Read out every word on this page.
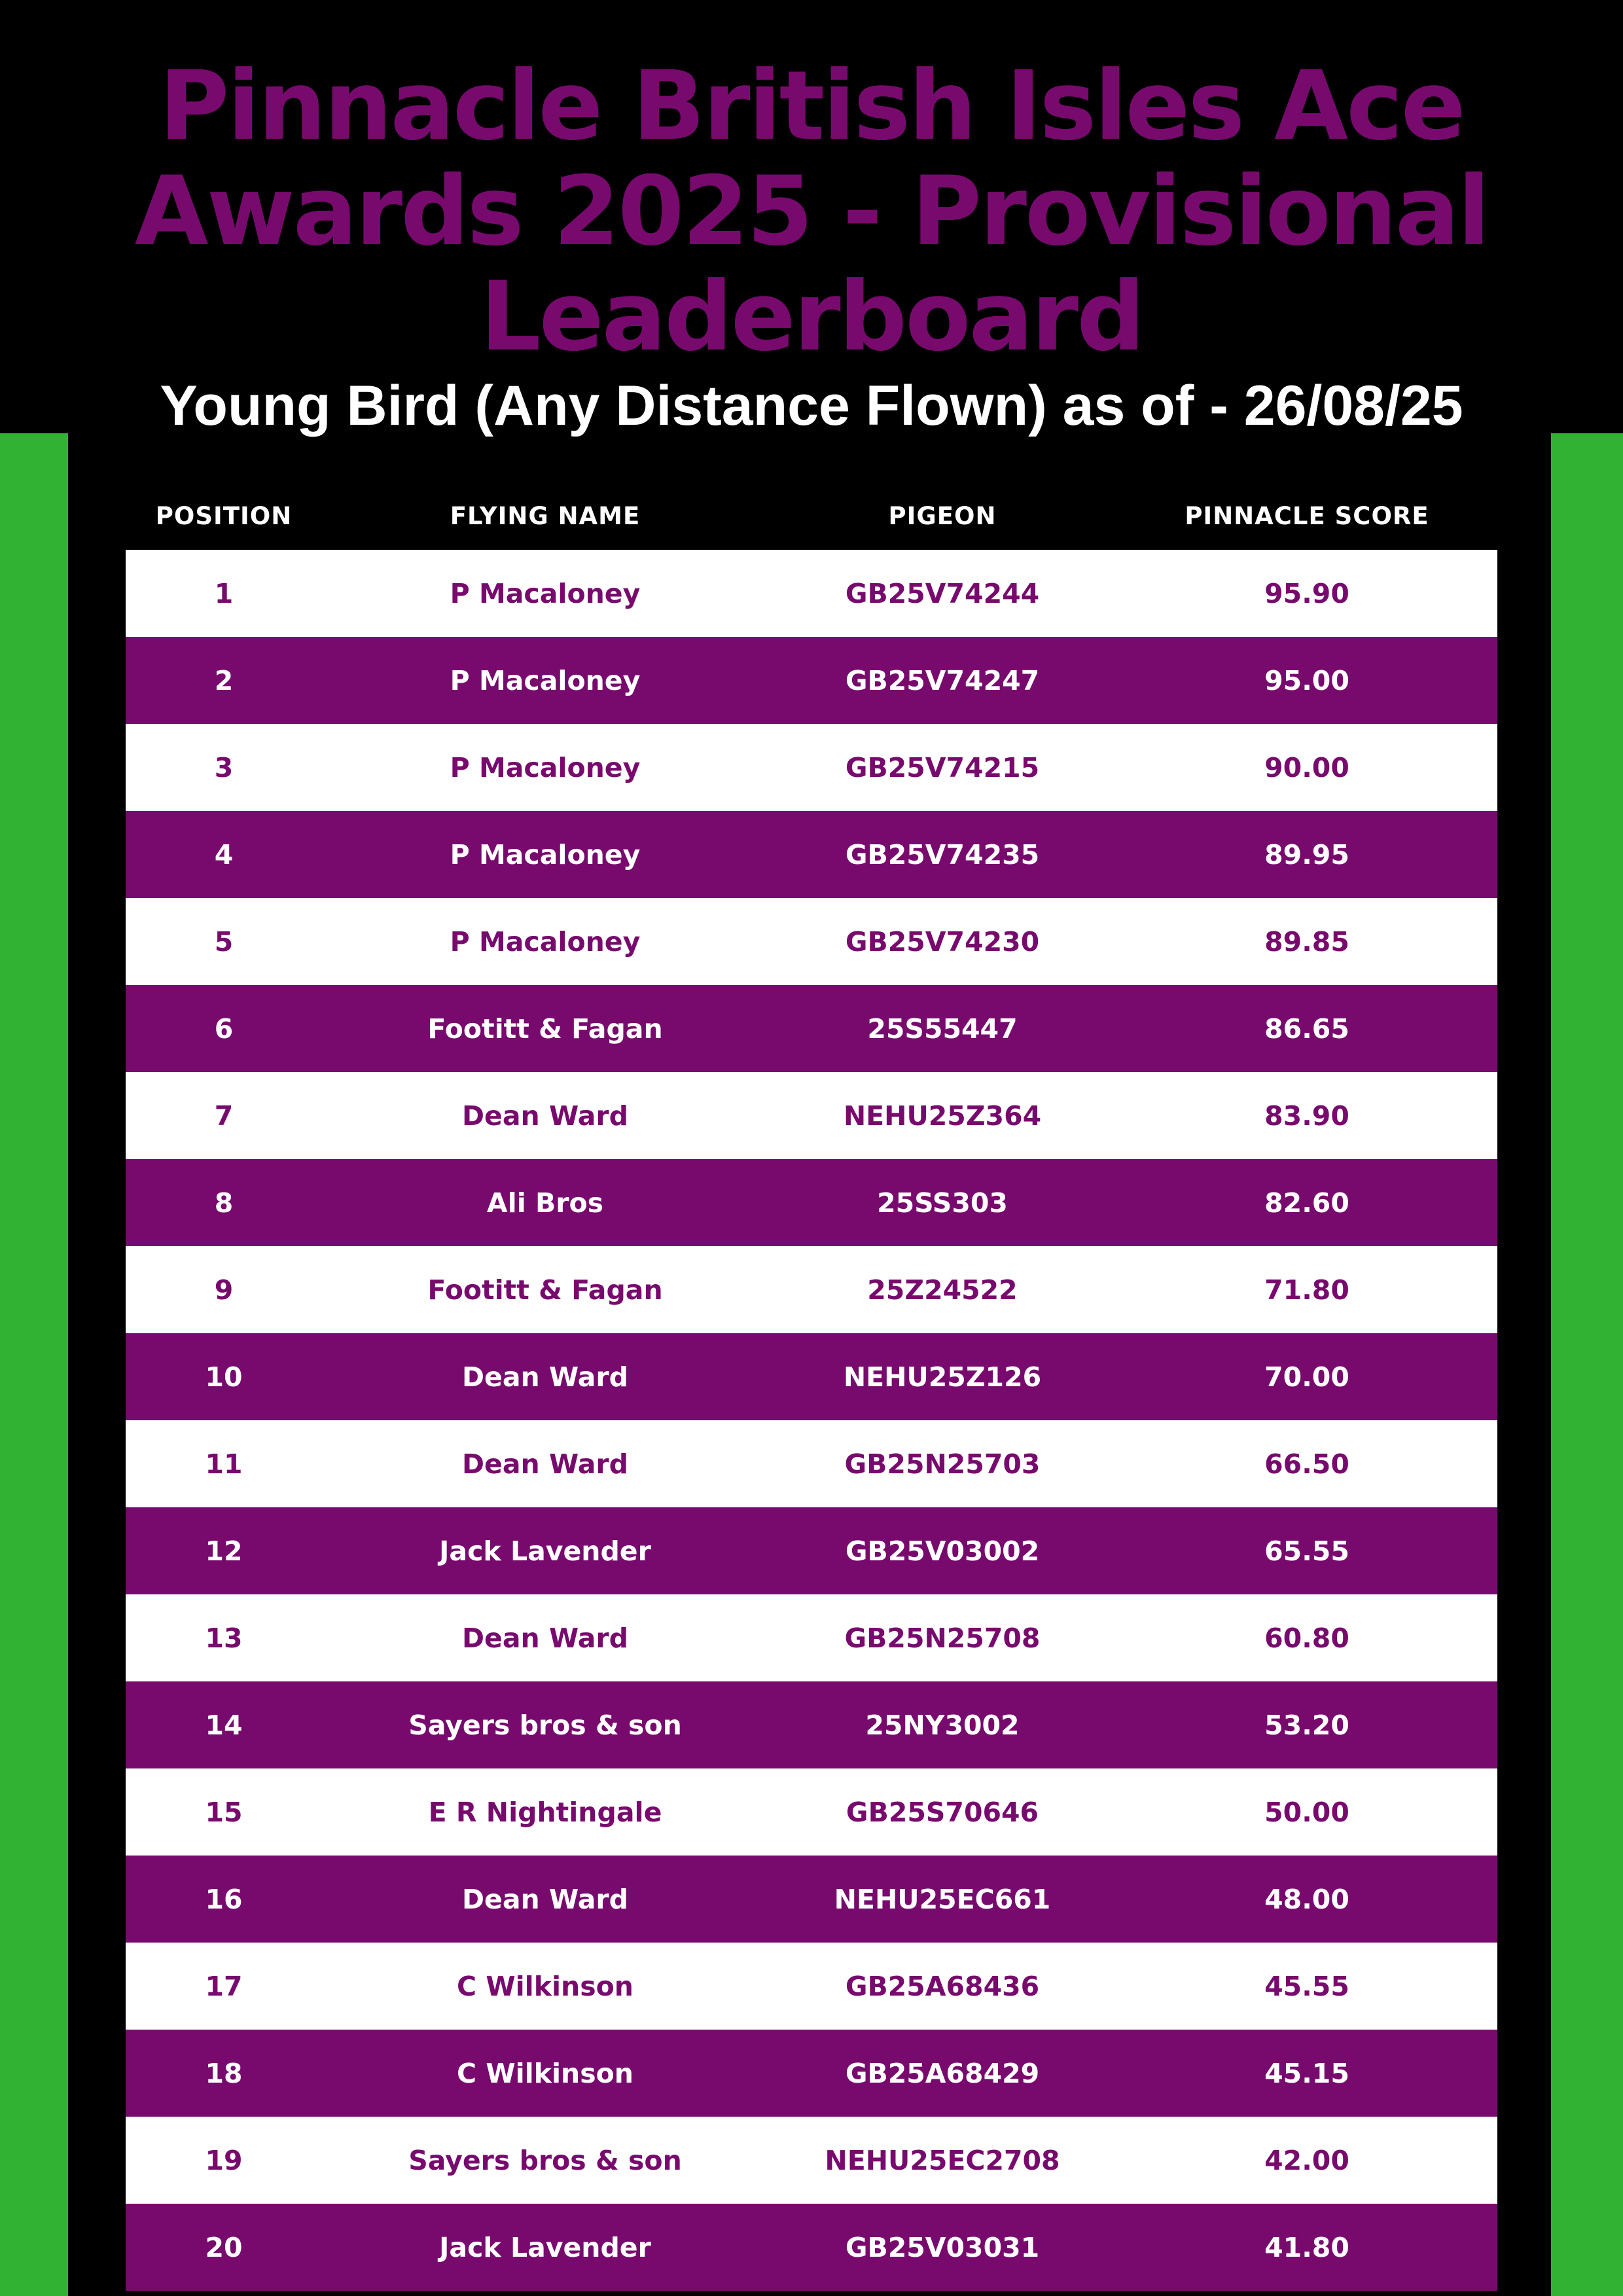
Pinnacle British Isles Ace Awards 2025 - Provisional Leaderboard
Young Bird (Any Distance Flown) as of - 26/08/25
POSITION	FLYING NAME	PIGEON	PINNACLE SCORE
1	P Macaloney	GB25V74244	95.90
2	P Macaloney	GB25V74247	95.00
3	P Macaloney	GB25V74215	90.00
4	P Macaloney	GB25V74235	89.95
5	P Macaloney	GB25V74230	89.85
6	Footitt & Fagan	25S55447	86.65
7	Dean Ward	NEHU25Z364	83.90
8	Ali Bros	25SS303	82.60
9	Footitt & Fagan	25Z24522	71.80
10	Dean Ward	NEHU25Z126	70.00
11	Dean Ward	GB25N25703	66.50
12	Jack Lavender	GB25V03002	65.55
13	Dean Ward	GB25N25708	60.80
14	Sayers bros & son	25NY3002	53.20
15	E R Nightingale	GB25S70646	50.00
16	Dean Ward	NEHU25EC661	48.00
17	C Wilkinson	GB25A68436	45.55
18	C Wilkinson	GB25A68429	45.15
19	Sayers bros & son	NEHU25EC2708	42.00
20	Jack Lavender	GB25V03031	41.80
